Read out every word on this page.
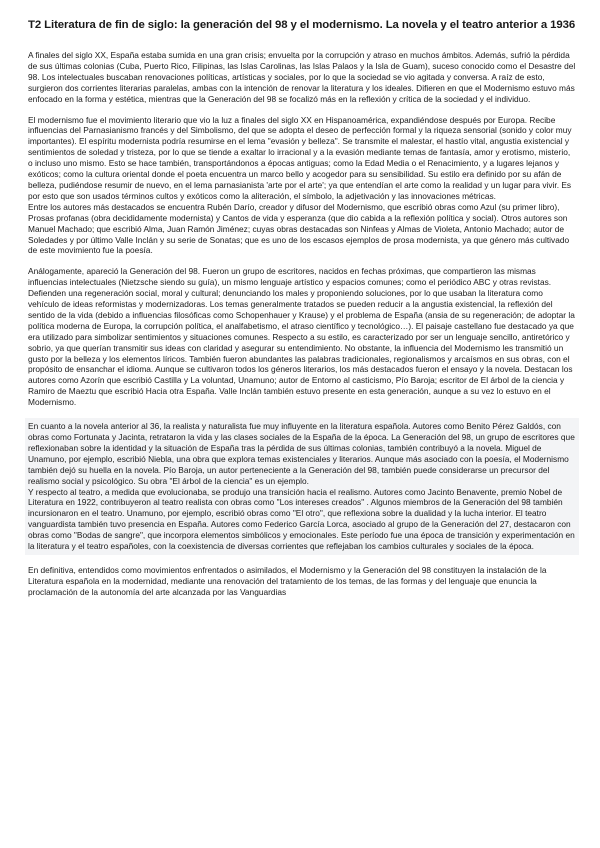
T2 Literatura de fin de siglo: la generación del 98 y el modernismo. La novela y el teatro anterior a 1936

A finales del siglo XX, España estaba sumida en una gran crisis; envuelta por la corrupción y atraso en muchos ámbitos. Además, sufrió la pérdida de sus últimas colonias (Cuba, Puerto Rico, Filipinas, las Islas Carolinas, las Islas Palaos y la Isla de Guam), suceso conocido como el Desastre del 98. Los intelectuales buscaban renovaciones políticas, artísticas y sociales, por lo que la sociedad se vio agitada y conversa. A raíz de esto, surgieron dos corrientes literarias paralelas, ambas con la intención de renovar la literatura y los ideales. Difieren en que el Modernismo estuvo más enfocado en la forma y estética, mientras que la Generación del 98 se focalizó más en la reflexión y crítica de la sociedad y el individuo.

El modernismo fue el movimiento literario que vio la luz a finales del siglo XX en Hispanoamérica, expandiéndose después por Europa. Recibe influencias del Parnasianismo francés y del Simbolismo, del que se adopta el deseo de perfección formal y la riqueza sensorial (sonido y color muy importantes). El espíritu modernista podría resumirse en el lema "evasión y belleza". Se transmite el malestar, el hastío vital, angustia existencial y sentimientos de soledad y tristeza, por lo que se tiende a exaltar lo irracional y a la evasión mediante temas de fantasía, amor y erotismo, misterio, o incluso uno mismo. Esto se hace también, transportándonos a épocas antiguas; como la Edad Media o el Renacimiento, y a lugares lejanos y exóticos; como la cultura oriental donde el poeta encuentra un marco bello y acogedor para su sensibilidad. Su estilo era definido por su afán de belleza, pudiéndose resumir de nuevo, en el lema parnasianista 'arte por el arte'; ya que entendían el arte como la realidad y un lugar para vivir. Es por esto que son usados términos cultos y exóticos como la aliteración, el símbolo, la adjetivación y las innovaciones métricas.
Entre los autores más destacados se encuentra Rubén Darío, creador y difusor del Modernismo, que escribió obras como Azul (su primer libro), Prosas profanas (obra decididamente modernista) y Cantos de vida y esperanza (que dio cabida a la reflexión política y social). Otros autores son Manuel Machado; que escribió Alma, Juan Ramón Jiménez; cuyas obras destacadas son Ninfeas y Almas de Violeta, Antonio Machado; autor de Soledades y por último Valle Inclán y su serie de Sonatas; que es uno de los escasos ejemplos de prosa modernista, ya que género más cultivado de este movimiento fue la poesía.

Análogamente, apareció la Generación del 98. Fueron un grupo de escritores, nacidos en fechas próximas, que compartieron las mismas influencias intelectuales (Nietzsche siendo su guía), un mismo lenguaje artístico y espacios comunes; como el periódico ABC y otras revistas. Defienden una regeneración social, moral y cultural; denunciando los males y proponiendo soluciones, por lo que usaban la literatura como vehículo de ideas reformistas y modernizadoras. Los temas generalmente tratados se pueden reducir a la angustia existencial, la reflexión del sentido de la vida (debido a influencias filosóficas como Schopenhauer y Krause) y el problema de España (ansia de su regeneración; de adoptar la política moderna de Europa, la corrupción política, el analfabetismo, el atraso científico y tecnológico…). El paisaje castellano fue destacado ya que era utilizado para simbolizar sentimientos y situaciones comunes. Respecto a su estilo, es caracterizado por ser un lenguaje sencillo, antiretórico y sobrio, ya que querían transmitir sus ideas con claridad y asegurar su entendimiento. No obstante, la influencia del Modernismo les transmitió un gusto por la belleza y los elementos líricos. También fueron abundantes las palabras tradicionales, regionalismos y arcaísmos en sus obras, con el propósito de ensanchar el idioma. Aunque se cultivaron todos los géneros literarios, los más destacados fueron el ensayo y la novela. Destacan los autores como Azorín que escribió Castilla y La voluntad, Unamuno; autor de Entorno al casticismo, Pío Baroja; escritor de El árbol de la ciencia y Ramiro de Maeztu que escribió Hacia otra España. Valle Inclán también estuvo presente en esta generación, aunque a su vez lo estuvo en el Modernismo.

En cuanto a la novela anterior al 36, la realista y naturalista fue muy influyente en la literatura española. Autores como Benito Pérez Galdós, con obras como Fortunata y Jacinta, retrataron la vida y las clases sociales de la España de la época. La Generación del 98, un grupo de escritores que reflexionaban sobre la identidad y la situación de España tras la pérdida de sus últimas colonias, también contribuyó a la novela. Miguel de Unamuno, por ejemplo, escribió Niebla, una obra que explora temas existenciales y literarios. Aunque más asociado con la poesía, el Modernismo también dejó su huella en la novela. Pío Baroja, un autor perteneciente a la Generación del 98, también puede considerarse un precursor del realismo social y psicológico. Su obra "El árbol de la ciencia" es un ejemplo.
Y respecto al teatro, a medida que evolucionaba, se produjo una transición hacia el realismo. Autores como Jacinto Benavente, premio Nobel de Literatura en 1922, contribuyeron al teatro realista con obras como "Los intereses creados" . Algunos miembros de la Generación del 98 también incursionaron en el teatro. Unamuno, por ejemplo, escribió obras como "El otro", que reflexiona sobre la dualidad y la lucha interior. El teatro vanguardista también tuvo presencia en España. Autores como Federico García Lorca, asociado al grupo de la Generación del 27, destacaron con obras como "Bodas de sangre", que incorpora elementos simbólicos y emocionales. Este período fue una época de transición y experimentación en la literatura y el teatro españoles, con la coexistencia de diversas corrientes que reflejaban los cambios culturales y sociales de la época.

En definitiva, entendidos como movimientos enfrentados o asimilados, el Modernismo y la Generación del 98 constituyen la instalación de la Literatura española en la modernidad, mediante una renovación del tratamiento de los temas, de las formas y del lenguaje que enuncia la proclamación de la autonomía del arte alcanzada por las Vanguardias
